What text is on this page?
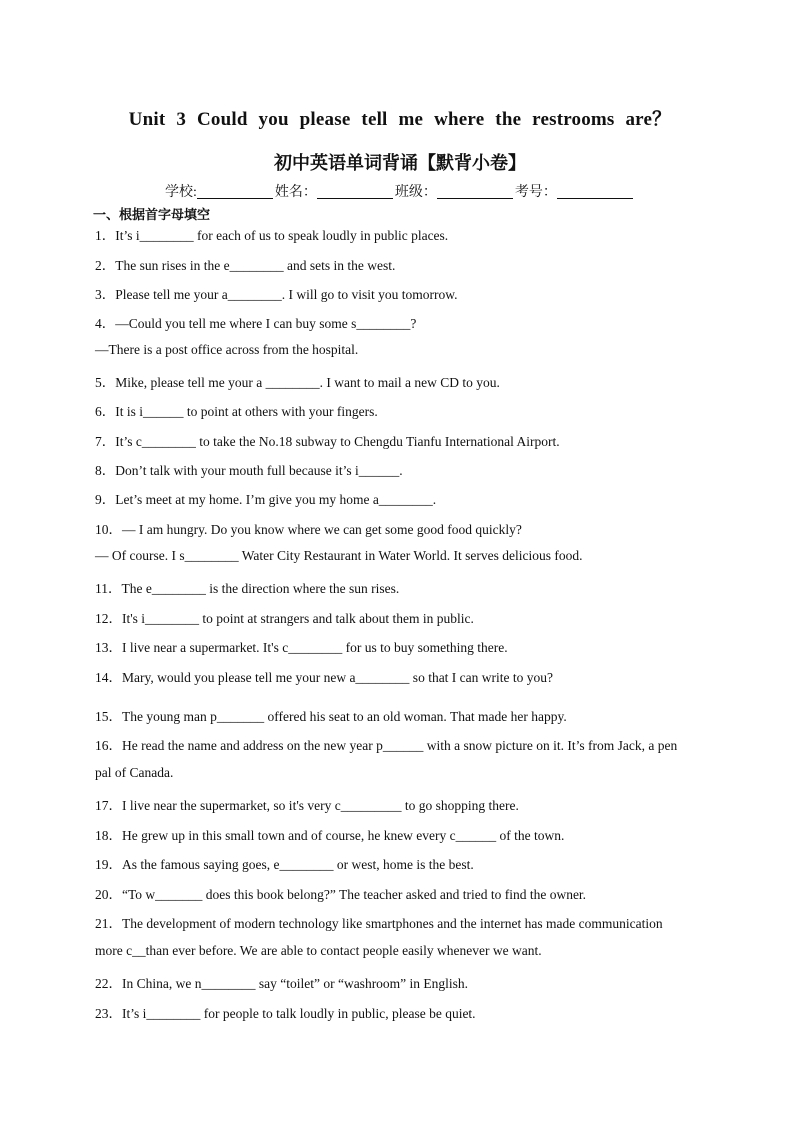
Unit 3 Could you please tell me where the restrooms are？
初中英语单词背诵【默背小卷】
学校:	姓名：	班级：	考号：
一、根据首字母填空
1．It’s i________ for each of us to speak loudly in public places.
2．The sun rises in the e________ and sets in the west.
3．Please tell me your a________. I will go to visit you tomorrow.
4．—Could you tell me where I can buy some s________?
—There is a post office across from the hospital.
5．Mike, please tell me your a ________. I want to mail a new CD to you.
6．It is i______ to point at others with your fingers.
7．It’s c________ to take the No.18 subway to Chengdu Tianfu International Airport.
8．Don’t talk with your mouth full because it’s i______.
9．Let’s meet at my home. I’m give you my home a________.
10．— I am hungry. Do you know where we can get some good food quickly?
— Of course. I s________ Water City Restaurant in Water World. It serves delicious food.
11．The e________ is the direction where the sun rises.
12．It's i________ to point at strangers and talk about them in public.
13．I live near a supermarket. It's c________ for us to buy something there.
14．Mary, would you please tell me your new a________ so that I can write to you?
15．The young man p_______ offered his seat to an old woman. That made her happy.
16．He read the name and address on the new year p______ with a snow picture on it. It’s from Jack, a pen
pal of Canada.
17．I live near the supermarket, so it's very c_________ to go shopping there.
18．He grew up in this small town and of course, he knew every c______ of the town.
19．As the famous saying goes, e________ or west, home is the best.
20．“To w_______ does this book belong?” The teacher asked and tried to find the owner.
21．The development of modern technology like smartphones and the internet has made communication
more c__than ever before. We are able to contact people easily whenever we want.
22．In China, we n________ say “toilet” or “washroom” in English.
23．It’s i________ for people to talk loudly in public, please be quiet.
